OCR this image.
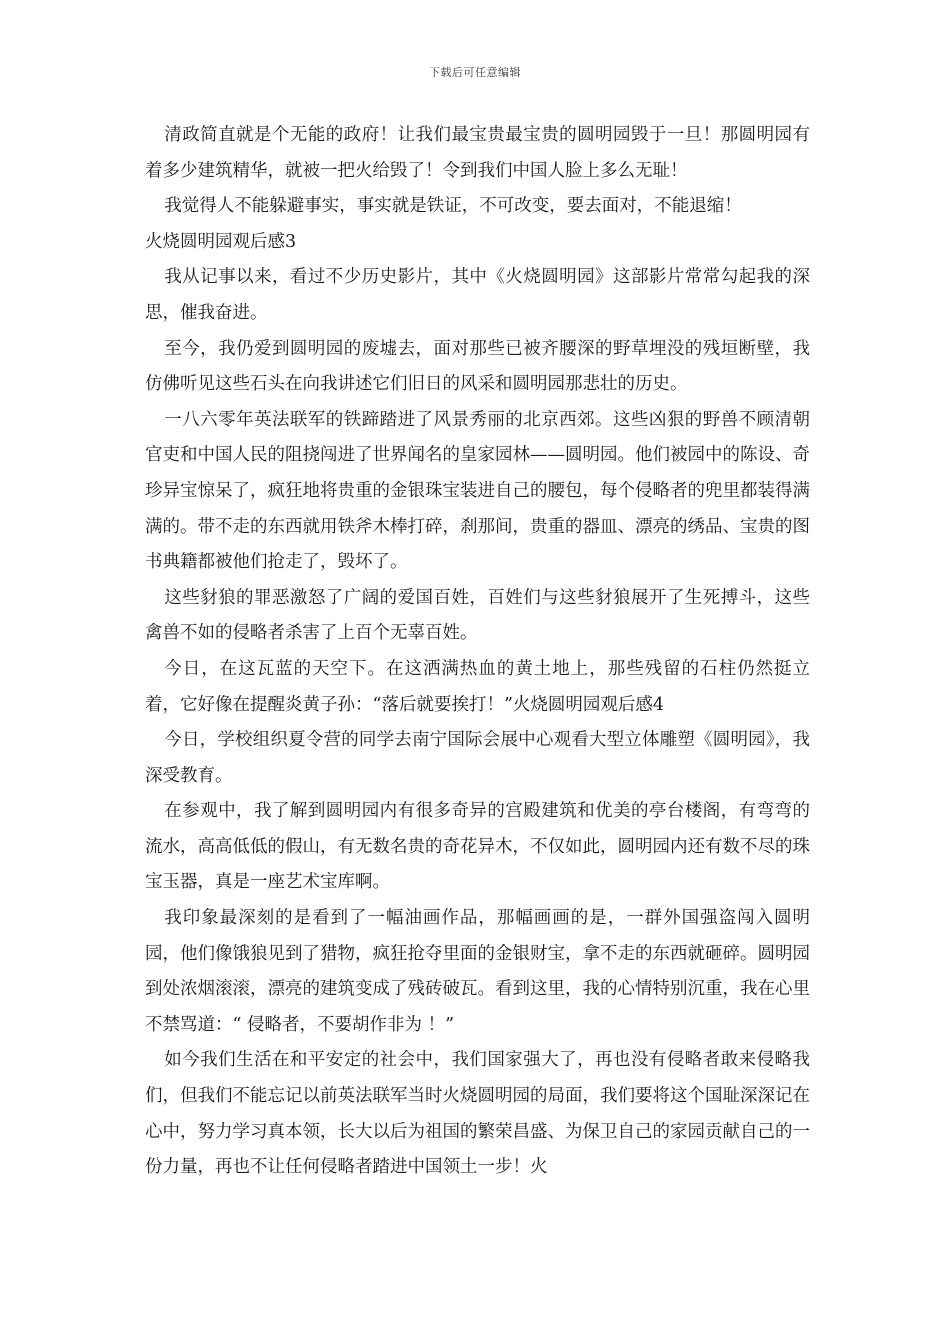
下载后可任意编辑

清政简直就是个无能的政府！让我们最宝贵最宝贵的圆明园毁于一旦！那圆明园有着多少建筑精华，就被一把火给毁了！令到我们中国人脸上多么无耻！

我觉得人不能躲避事实，事实就是铁证，不可改变，要去面对，不能退缩！

火烧圆明园观后感3

我从记事以来，看过不少历史影片，其中《火烧圆明园》这部影片常常勾起我的深思，催我奋进。

至今，我仍爱到圆明园的废墟去，面对那些已被齐腰深的野草埋没的残垣断壁，我仿佛听见这些石头在向我讲述它们旧日的风采和圆明园那悲壮的历史。

一八六零年英法联军的铁蹄踏进了风景秀丽的北京西郊。这些凶狠的野兽不顾清朝官吏和中国人民的阻挠闯进了世界闻名的皇家园林——圆明园。他们被园中的陈设、奇珍异宝惊呆了，疯狂地将贵重的金银珠宝装进自己的腰包，每个侵略者的兜里都装得满满的。带不走的东西就用铁斧木棒打碎，刹那间，贵重的器皿、漂亮的绣品、宝贵的图书典籍都被他们抢走了，毁坏了。

这些豺狼的罪恶激怒了广阔的爱国百姓，百姓们与这些豺狼展开了生死搏斗，这些禽兽不如的侵略者杀害了上百个无辜百姓。

今日，在这瓦蓝的天空下。在这洒满热血的黄土地上，那些残留的石柱仍然挺立着，它好像在提醒炎黄子孙：“落后就要挨打！”火烧圆明园观后感4

今日，学校组织夏令营的同学去南宁国际会展中心观看大型立体雕塑《圆明园》，我深受教育。

在参观中，我了解到圆明园内有很多奇异的宫殿建筑和优美的亭台楼阁，有弯弯的流水，高高低低的假山，有无数名贵的奇花异木，不仅如此，圆明园内还有数不尽的珠宝玉器，真是一座艺术宝库啊。

我印象最深刻的是看到了一幅油画作品，那幅画画的是，一群外国强盗闯入圆明园，他们像饿狼见到了猎物，疯狂抢夺里面的金银财宝，拿不走的东西就砸碎。圆明园到处浓烟滚滚，漂亮的建筑变成了残砖破瓦。看到这里，我的心情特别沉重，我在心里不禁骂道：“ 侵略者，不要胡作非为 ！”

如今我们生活在和平安定的社会中，我们国家强大了，再也没有侵略者敢来侵略我们，但我们不能忘记以前英法联军当时火烧圆明园的局面，我们要将这个国耻深深记在心中，努力学习真本领，长大以后为祖国的繁荣昌盛、为保卫自己的家园贡献自己的一份力量，再也不让任何侵略者踏进中国领土一步！火
